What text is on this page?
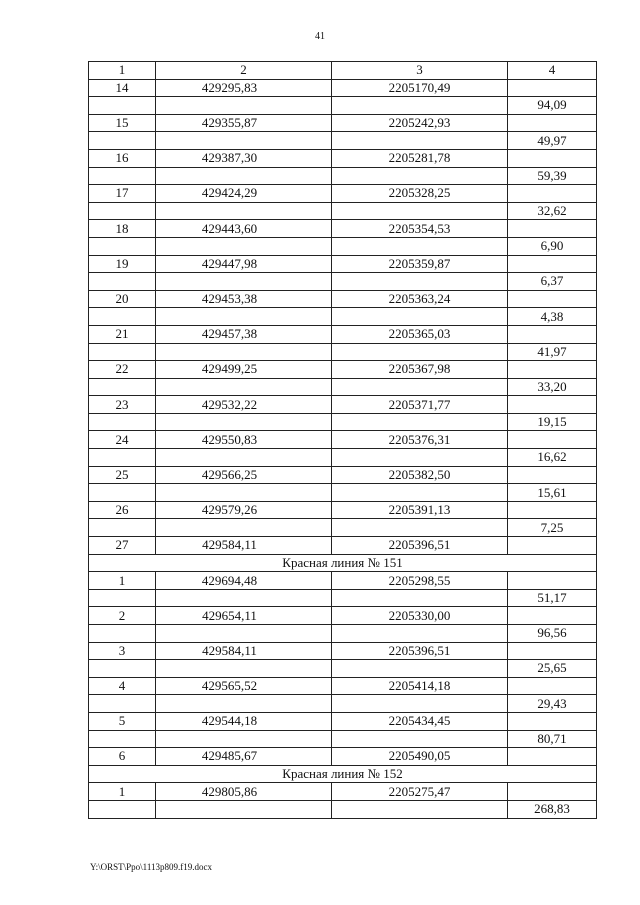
41
1	2	3	4
14	429295,83	2205170,49	
			94,09
15	429355,87	2205242,93	
			49,97
16	429387,30	2205281,78	
			59,39
17	429424,29	2205328,25	
			32,62
18	429443,60	2205354,53	
			6,90
19	429447,98	2205359,87	
			6,37
20	429453,38	2205363,24	
			4,38
21	429457,38	2205365,03	
			41,97
22	429499,25	2205367,98	
			33,20
23	429532,22	2205371,77	
			19,15
24	429550,83	2205376,31	
			16,62
25	429566,25	2205382,50	
			15,61
26	429579,26	2205391,13	
			7,25
27	429584,11	2205396,51	
Красная линия № 151			
1	429694,48	2205298,55	
			51,17
2	429654,11	2205330,00	
			96,56
3	429584,11	2205396,51	
			25,65
4	429565,52	2205414,18	
			29,43
5	429544,18	2205434,45	
			80,71
6	429485,67	2205490,05	
Красная линия № 152			
1	429805,86	2205275,47	
			268,83
Y:\ORST\Ppo\1113p809.f19.docx
